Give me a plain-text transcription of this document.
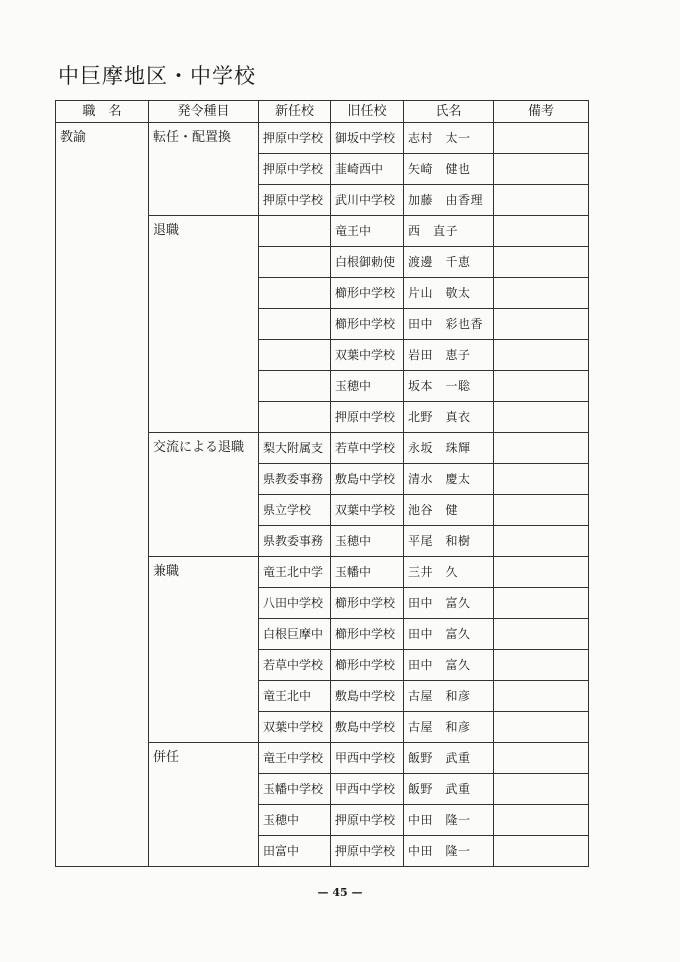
中巨摩地区・中学校
職　名	発令種目	新任校	旧任校	氏名	備考
教諭	転任・配置換	押原中学校	御坂中学校	志村　太一	
		押原中学校	韮崎西中	矢崎　健也	
		押原中学校	武川中学校	加藤　由香理	
	退職		竜王中	西　直子	
			白根御勅使	渡邊　千恵	
			櫛形中学校	片山　敬太	
			櫛形中学校	田中　彩也香	
			双葉中学校	岩田　恵子	
			玉穂中	坂本　一聡	
			押原中学校	北野　真衣	
	交流による退職	梨大附属支	若草中学校	永坂　珠輝	
		県教委事務	敷島中学校	清水　慶太	
		県立学校	双葉中学校	池谷　健	
		県教委事務	玉穂中	平尾　和樹	
	兼職	竜王北中学	玉幡中	三井　久	
		八田中学校	櫛形中学校	田中　富久	
		白根巨摩中	櫛形中学校	田中　富久	
		若草中学校	櫛形中学校	田中　富久	
		竜王北中	敷島中学校	古屋　和彦	
		双葉中学校	敷島中学校	古屋　和彦	
	併任	竜王中学校	甲西中学校	飯野　武重	
		玉幡中学校	甲西中学校	飯野　武重	
		玉穂中	押原中学校	中田　隆一	
		田富中	押原中学校	中田　隆一	
— 45 —
